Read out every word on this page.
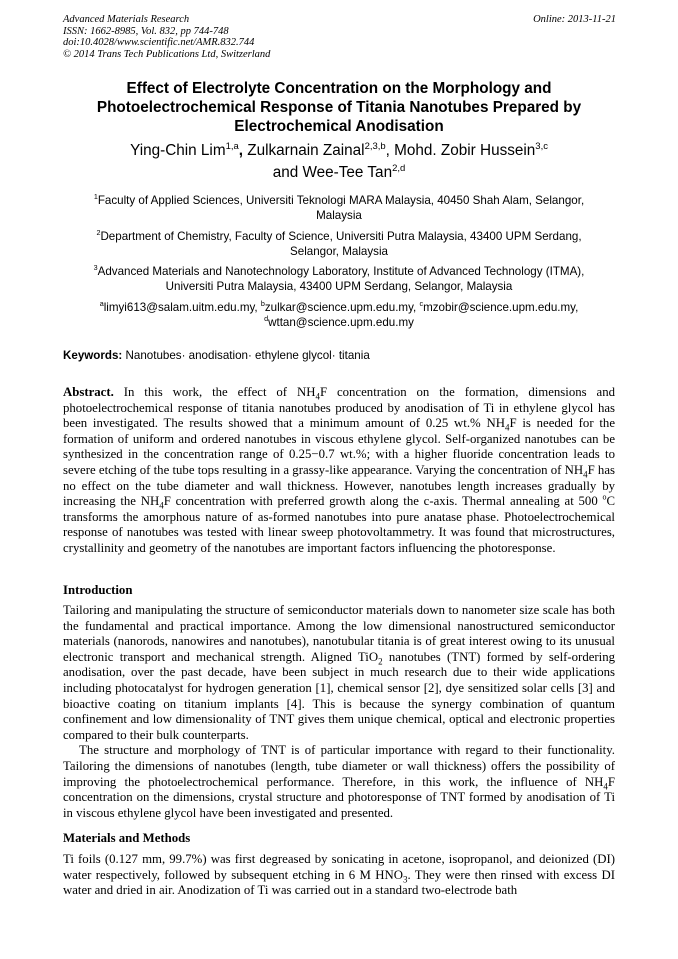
Advanced Materials Research
ISSN: 1662-8985, Vol. 832, pp 744-748
doi:10.4028/www.scientific.net/AMR.832.744
© 2014 Trans Tech Publications Ltd, Switzerland
Online: 2013-11-21
Effect of Electrolyte Concentration on the Morphology and
Photoelectrochemical Response of Titania Nanotubes Prepared by
Electrochemical Anodisation
Ying-Chin Lim$^{1,a}$, Zulkarnain Zainal$^{2,3,b}$, Mohd. Zobir Hussein$^{3,c}$
and Wee-Tee Tan$^{2,d}$
$^1$Faculty of Applied Sciences, Universiti Teknologi MARA Malaysia, 40450 Shah Alam, Selangor,
Malaysia
$^2$Department of Chemistry, Faculty of Science, Universiti Putra Malaysia, 43400 UPM Serdang,
Selangor, Malaysia
$^3$Advanced Materials and Nanotechnology Laboratory, Institute of Advanced Technology (ITMA),
Universiti Putra Malaysia, 43400 UPM Serdang, Selangor, Malaysia
$^a$limyi613@salam.uitm.edu.my, $^b$zulkar@science.upm.edu.my, $^c$mzobir@science.upm.edu.my,
$^d$wttan@science.upm.edu.my
Keywords: Nanotubes· anodisation· ethylene glycol· titania
Abstract. In this work, the effect of $NH_4F$ concentration on the formation, dimensions and photoelectrochemical response of titania nanotubes produced by anodisation of Ti in ethylene glycol has been investigated. The results showed that a minimum amount of 0.25 wt.% $NH_4F$ is needed for the formation of uniform and ordered nanotubes in viscous ethylene glycol. Self-organized nanotubes can be synthesized in the concentration range of 0.25−0.7 wt.%; with a higher fluoride concentration leads to severe etching of the tube tops resulting in a grassy-like appearance. Varying the concentration of $NH_4F$ has no effect on the tube diameter and wall thickness. However, nanotubes length increases gradually by increasing the $NH_4F$ concentration with preferred growth along the c-axis. Thermal annealing at 500 $^o$C transforms the amorphous nature of as-formed nanotubes into pure anatase phase. Photoelectrochemical response of nanotubes was tested with linear sweep photovoltammetry. It was found that microstructures, crystallinity and geometry of the nanotubes are important factors influencing the photoresponse.
Introduction
Tailoring and manipulating the structure of semiconductor materials down to nanometer size scale has both the fundamental and practical importance. Among the low dimensional nanostructured semiconductor materials (nanorods, nanowires and nanotubes), nanotubular titania is of great interest owing to its unusual electronic transport and mechanical strength. Aligned TiO$_2$ nanotubes (TNT) formed by self-ordering anodisation, over the past decade, have been subject in much research due to their wide applications including photocatalyst for hydrogen generation [1], chemical sensor [2], dye sensitized solar cells [3] and bioactive coating on titanium implants [4]. This is because the synergy combination of quantum confinement and low dimensionality of TNT gives them unique chemical, optical and electronic properties compared to their bulk counterparts.
The structure and morphology of TNT is of particular importance with regard to their functionality. Tailoring the dimensions of nanotubes (length, tube diameter or wall thickness) offers the possibility of improving the photoelectrochemical performance. Therefore, in this work, the influence of $NH_4F$ concentration on the dimensions, crystal structure and photoresponse of TNT formed by anodisation of Ti in viscous ethylene glycol have been investigated and presented.
Materials and Methods
Ti foils (0.127 mm, 99.7%) was first degreased by sonicating in acetone, isopropanol, and deionized (DI) water respectively, followed by subsequent etching in 6 M $HNO_3$. They were then rinsed with excess DI water and dried in air. Anodization of Ti was carried out in a standard two-electrode bath
